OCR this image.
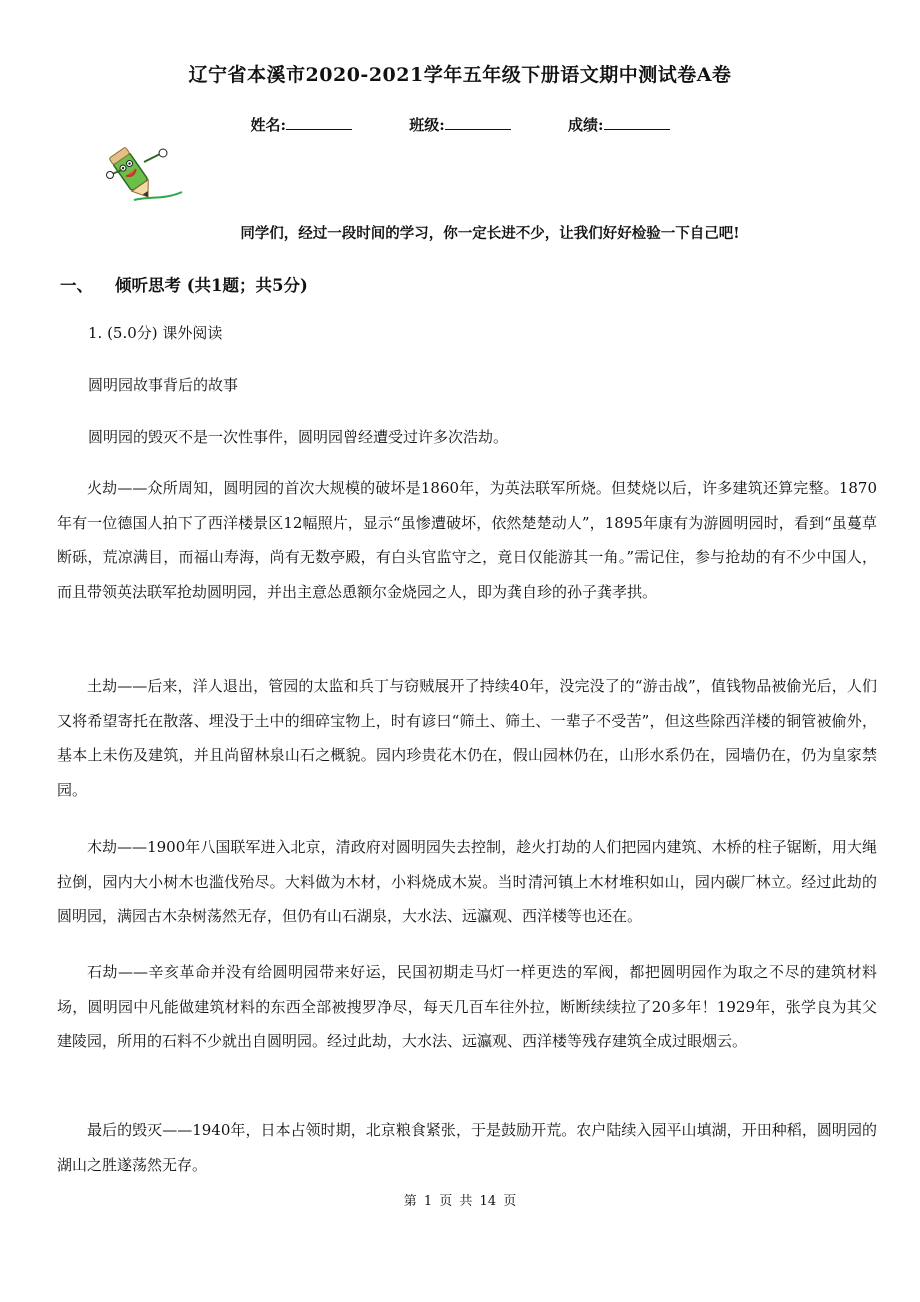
辽宁省本溪市2020-2021学年五年级下册语文期中测试卷A卷
姓名:	班级:	成绩:
同学们，经过一段时间的学习，你一定长进不少，让我们好好检验一下自己吧!
一、 倾听思考 (共1题；共5分)
1. (5.0分) 课外阅读
圆明园故事背后的故事
圆明园的毁灭不是一次性事件，圆明园曾经遭受过许多次浩劫。

火劫——众所周知，圆明园的首次大规模的破坏是1860年，为英法联军所烧。但焚烧以后，许多建筑还算完整。1870年有一位德国人拍下了西洋楼景区12幅照片，显示“虽惨遭破坏，依然楚楚动人”，1895年康有为游圆明园时，看到“虽蔓草断砾，荒凉满目，而福山寿海，尚有无数亭殿，有白头官监守之，竟日仅能游其一角。”需记住，参与抢劫的有不少中国人，而且带领英法联军抢劫圆明园，并出主意怂恿额尔金烧园之人，即为龚自珍的孙子龚孝拱。

土劫——后来，洋人退出，管园的太监和兵丁与窃贼展开了持续40年，没完没了的“游击战”，值钱物品被偷光后，人们又将希望寄托在散落、埋没于土中的细碎宝物上，时有谚曰“筛土、筛土、一辈子不受苦”，但这些除西洋楼的铜管被偷外，基本上未伤及建筑，并且尚留林泉山石之概貌。园内珍贵花木仍在，假山园林仍在，山形水系仍在，园墙仍在，仍为皇家禁园。

木劫——1900年八国联军进入北京，清政府对圆明园失去控制，趁火打劫的人们把园内建筑、木桥的柱子锯断，用大绳拉倒，园内大小树木也滥伐殆尽。大料做为木材，小料烧成木炭。当时清河镇上木材堆积如山，园内碳厂林立。经过此劫的圆明园，满园古木杂树荡然无存，但仍有山石湖泉，大水法、远瀛观、西洋楼等也还在。

石劫——辛亥革命并没有给圆明园带来好运，民国初期走马灯一样更迭的军阀，都把圆明园作为取之不尽的建筑材料场，圆明园中凡能做建筑材料的东西全部被搜罗净尽，每天几百车往外拉，断断续续拉了20多年！1929年，张学良为其父建陵园，所用的石料不少就出自圆明园。经过此劫，大水法、远瀛观、西洋楼等残存建筑全成过眼烟云。

最后的毁灭——1940年，日本占领时期，北京粮食紧张，于是鼓励开荒。农户陆续入园平山填湖，开田种稻，圆明园的湖山之胜遂荡然无存。

第 1 页 共 14 页
